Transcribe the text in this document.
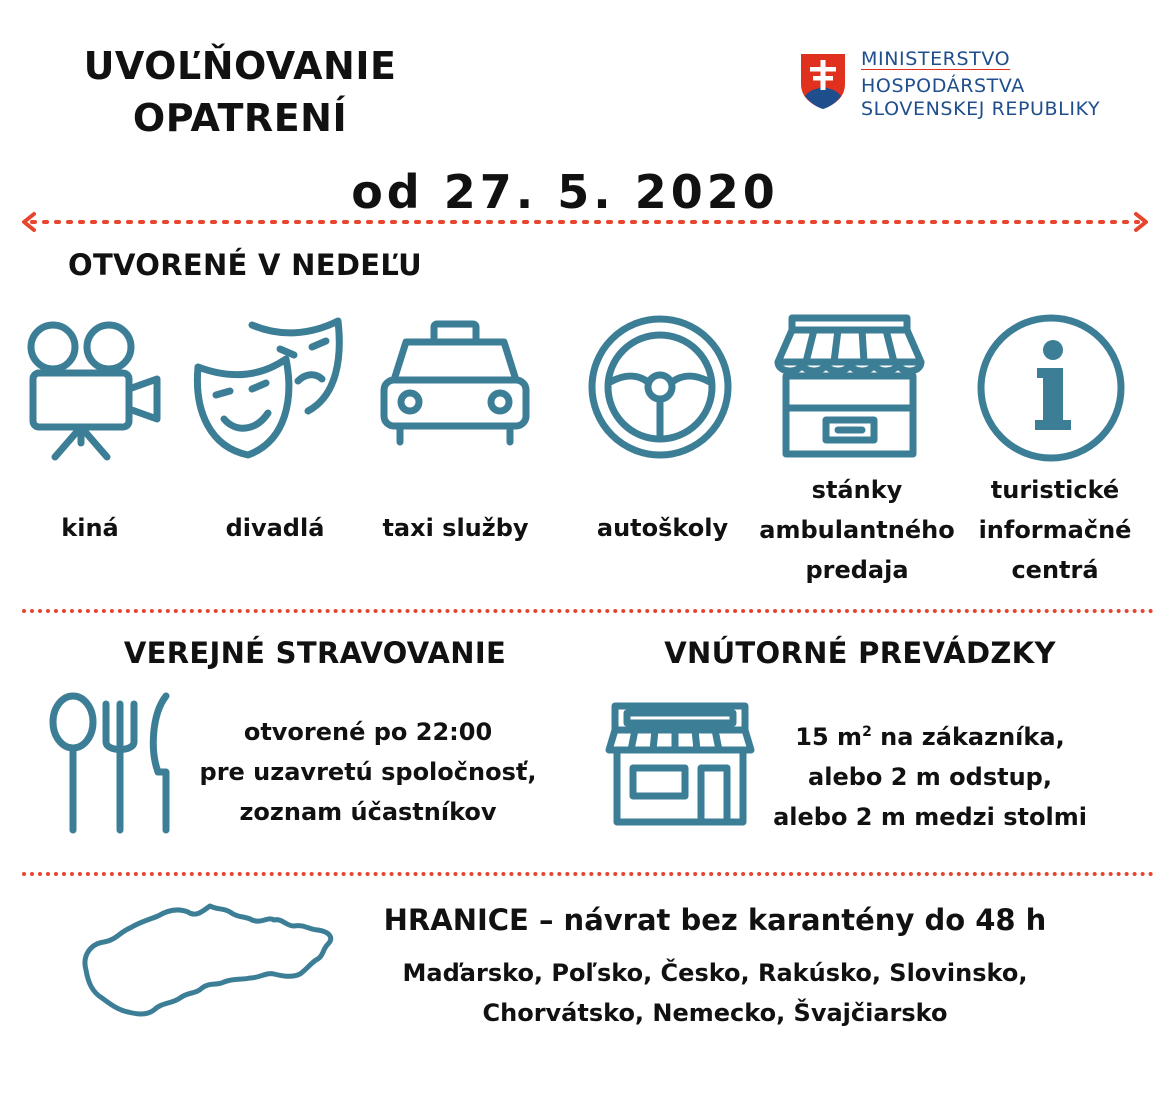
UVOĽŇOVANIE
OPATRENÍ
MINISTERSTVO
HOSPODÁRSTVA
SLOVENSKEJ REPUBLIKY
od 27. 5. 2020
OTVORENÉ V NEDEĽU
kiná	divadlá	taxi služby	autoškoly
stánky
ambulantného
predaja
turistické
informačné
centrá
VEREJNÉ STRAVOVANIE
otvorené po 22:00
pre uzavretú spoločnosť,
zoznam účastníkov
VNÚTORNÉ PREVÁDZKY
15 $m^2$ na zákazníka,
alebo 2 m odstup,
alebo 2 m medzi stolmi
HRANICE – návrat bez karantény do 48 h
Maďarsko, Poľsko, Česko, Rakúsko, Slovinsko,
Chorvátsko, Nemecko, Švajčiarsko
